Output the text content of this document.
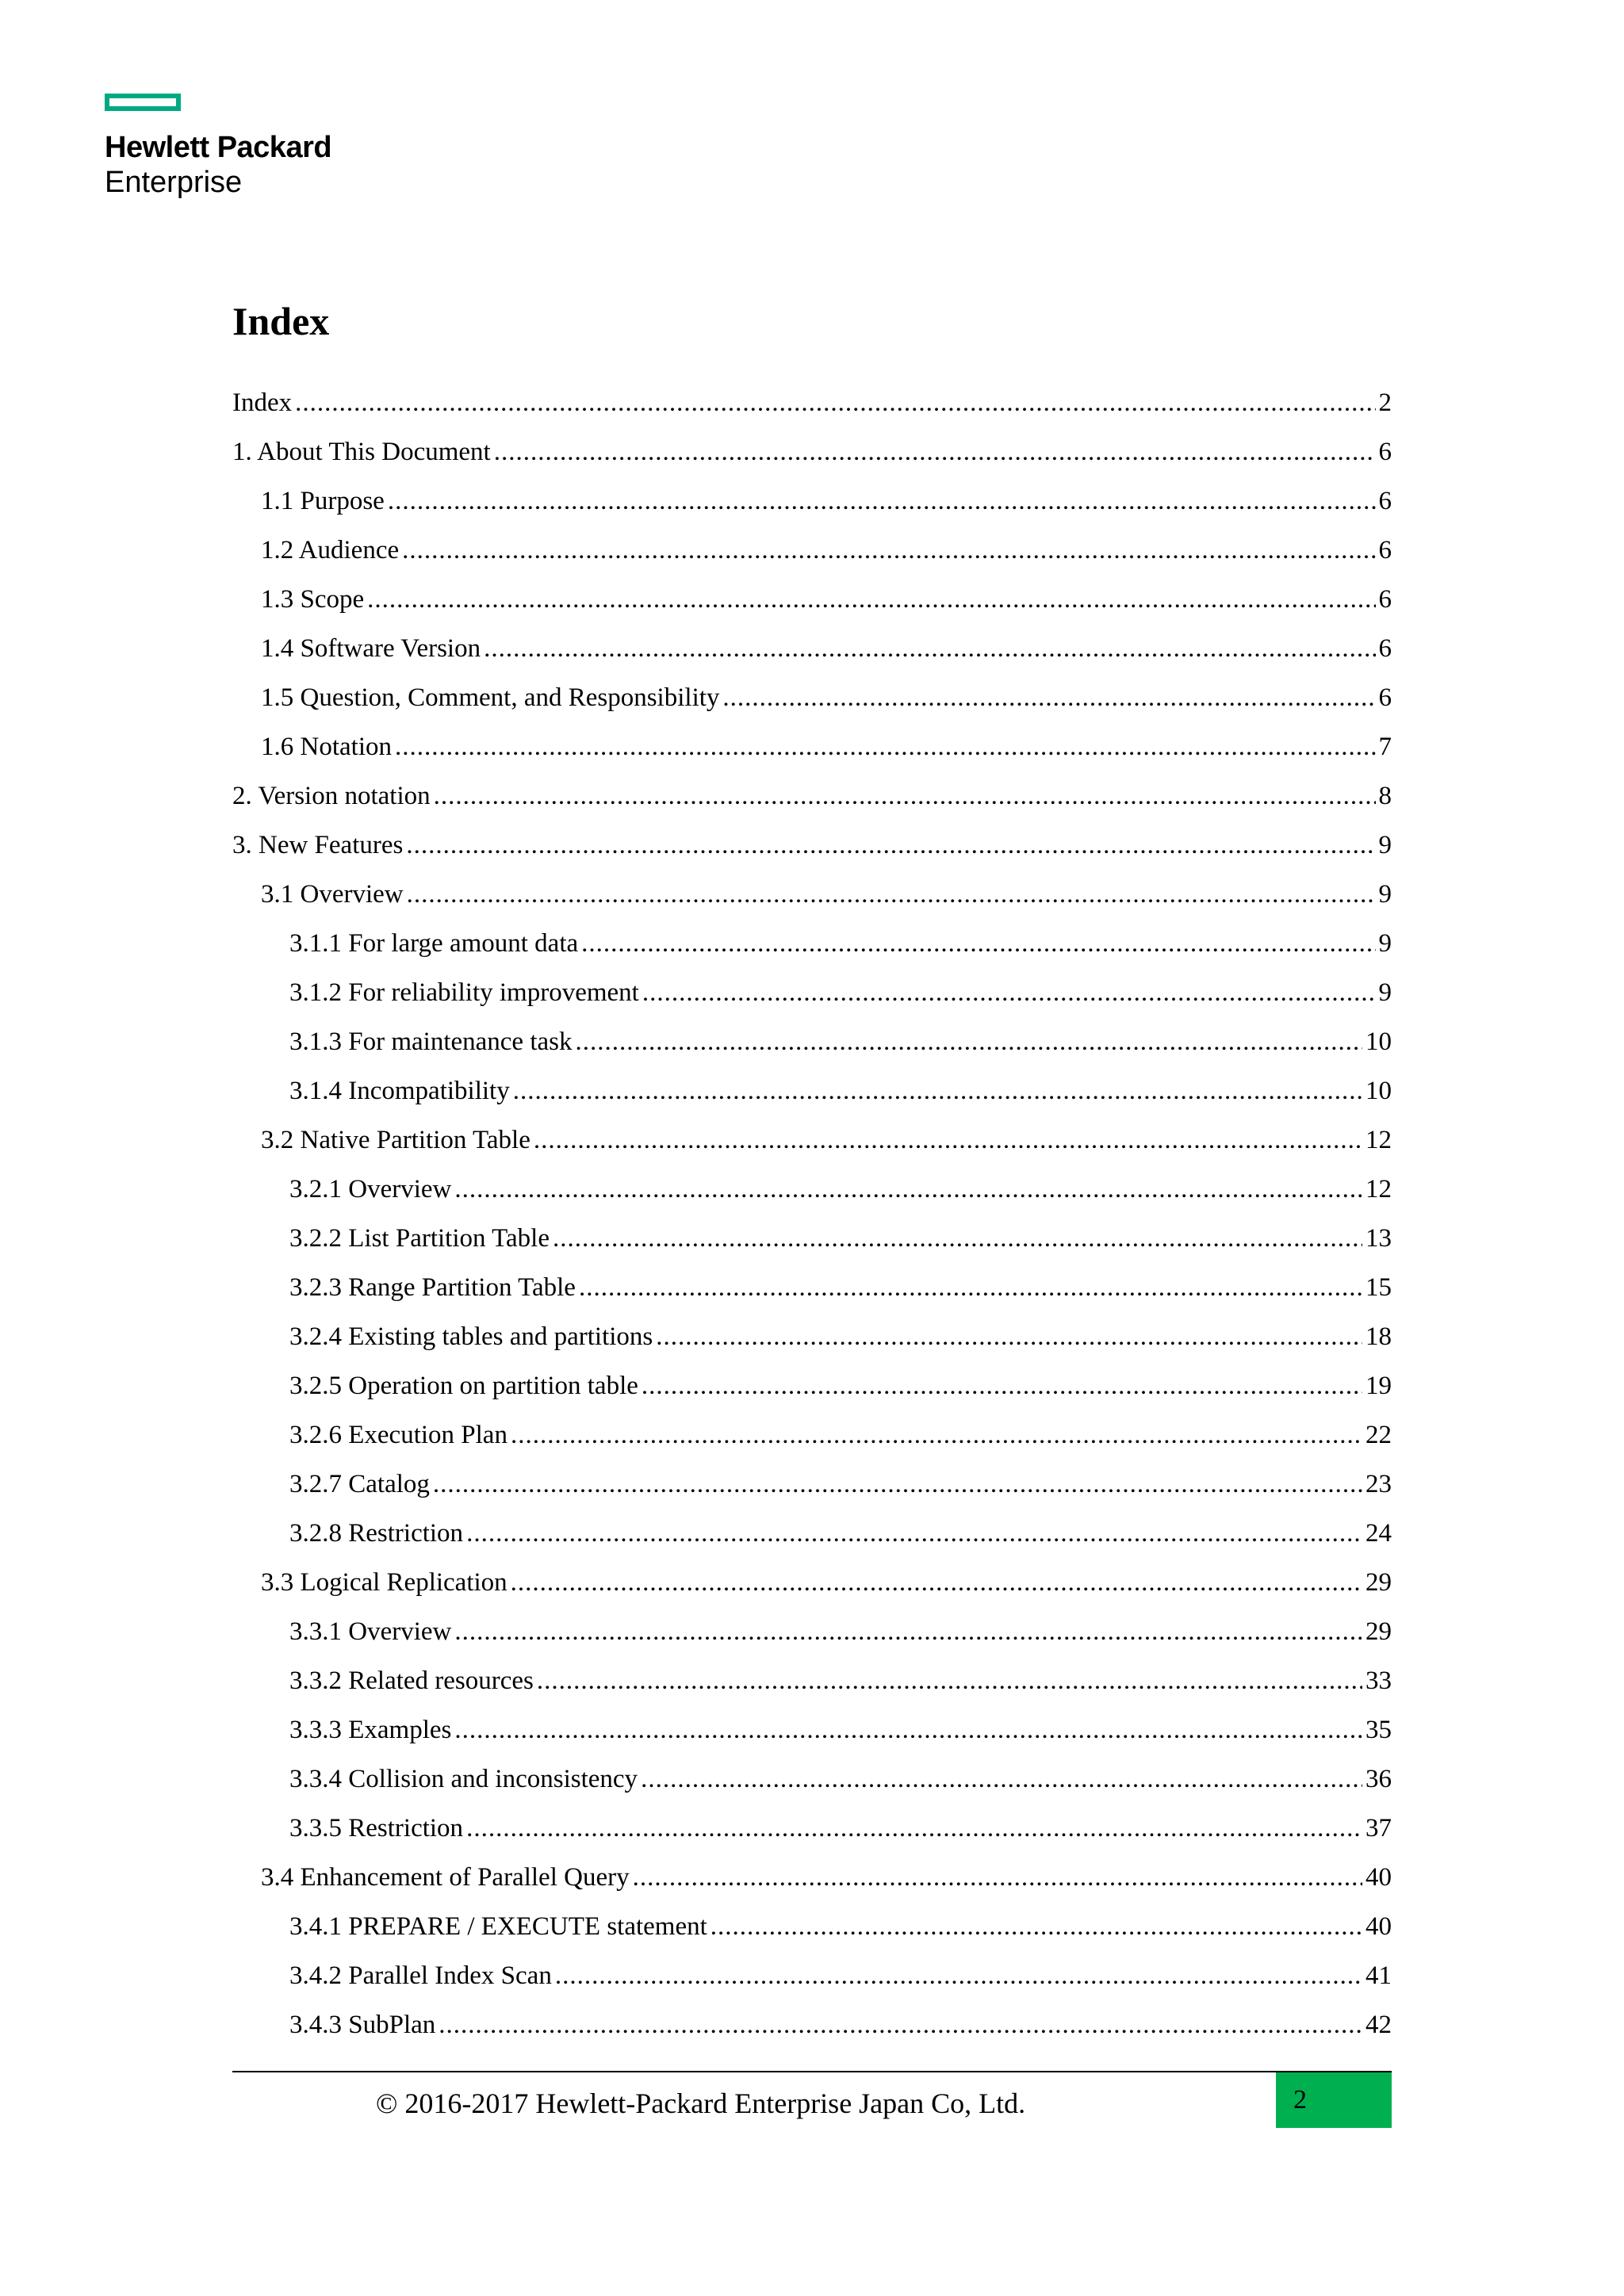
Hewlett Packard
Enterprise
Index
Index .....	2
1. About This Document .....	6
1.1 Purpose .....	6
1.2 Audience .....	6
1.3 Scope .....	6
1.4 Software Version .....	6
1.5 Question, Comment, and Responsibility .....	6
1.6 Notation .....	7
2. Version notation .....	8
3. New Features .....	9
3.1 Overview .....	9
3.1.1 For large amount data .....	9
3.1.2 For reliability improvement .....	9
3.1.3 For maintenance task .....	10
3.1.4 Incompatibility .....	10
3.2 Native Partition Table .....	12
3.2.1 Overview .....	12
3.2.2 List Partition Table .....	13
3.2.3 Range Partition Table .....	15
3.2.4 Existing tables and partitions .....	18
3.2.5 Operation on partition table .....	19
3.2.6 Execution Plan .....	22
3.2.7 Catalog .....	23
3.2.8 Restriction .....	24
3.3 Logical Replication .....	29
3.3.1 Overview .....	29
3.3.2 Related resources .....	33
3.3.3 Examples .....	35
3.3.4 Collision and inconsistency .....	36
3.3.5 Restriction .....	37
3.4 Enhancement of Parallel Query .....	40
3.4.1 PREPARE / EXECUTE statement .....	40
3.4.2 Parallel Index Scan .....	41
3.4.3 SubPlan .....	42
© 2016-2017 Hewlett-Packard Enterprise Japan Co, Ltd.	2
